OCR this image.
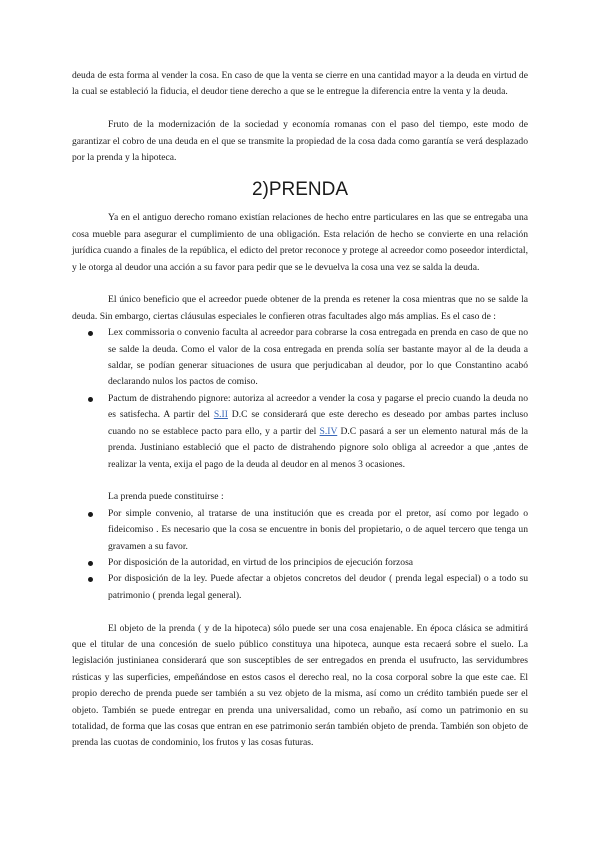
deuda de esta forma al vender la cosa. En caso de que la venta se cierre en una cantidad mayor a la deuda en virtud de la cual se estableció la fiducia, el deudor tiene derecho a que se le entregue la diferencia entre la venta y la deuda.

Fruto de la modernización de la sociedad y economía romanas con el paso del tiempo, este modo de garantizar el cobro de una deuda en el que se transmite la propiedad de la cosa dada como garantía se verá desplazado por la prenda y la hipoteca.

2)PRENDA

Ya en el antiguo derecho romano existían relaciones de hecho entre particulares en las que se entregaba una cosa mueble para asegurar el cumplimiento de una obligación. Esta relación de hecho se convierte en una relación jurídica cuando a finales de la república, el edicto del pretor reconoce y protege al acreedor como poseedor interdictal, y le otorga al deudor una acción a su favor para pedir que se le devuelva la cosa una vez se salda la deuda.

El único beneficio que el acreedor puede obtener de la prenda es retener la cosa mientras que no se salde la deuda. Sin embargo, ciertas cláusulas especiales le confieren otras facultades algo más amplias. Es el caso de :

Lex commissoria o convenio faculta al acreedor para cobrarse la cosa entregada en prenda en caso de que no se salde la deuda. Como el valor de la cosa entregada en prenda solía ser bastante mayor al de la deuda a saldar, se podían generar situaciones de usura que perjudicaban al deudor, por lo que Constantino acabó declarando nulos los pactos de comiso.
Pactum de distrahendo pignore: autoriza al acreedor a vender la cosa y pagarse el precio cuando la deuda no es satisfecha. A partir del S.II D.C se considerará que este derecho es deseado por ambas partes incluso cuando no se establece pacto para ello, y a partir del S.IV D.C pasará a ser un elemento natural más de la prenda. Justiniano estableció que el pacto de distrahendo pignore solo obliga al acreedor a que ,antes de realizar la venta, exija el pago de la deuda al deudor en al menos 3 ocasiones.

La prenda puede constituirse :

Por simple convenio, al tratarse de una institución que es creada por el pretor, así como por legado o fideicomiso . Es necesario que la cosa se encuentre in bonis del propietario, o de aquel tercero que tenga un gravamen a su favor.
Por disposición de la autoridad, en virtud de los principios de ejecución forzosa
Por disposición de la ley. Puede afectar a objetos concretos del deudor ( prenda legal especial) o a todo su patrimonio ( prenda legal general).

El objeto de la prenda ( y de la hipoteca) sólo puede ser una cosa enajenable. En época clásica se admitirá que el titular de una concesión de suelo público constituya una hipoteca, aunque esta recaerá sobre el suelo. La legislación justinianea considerará que son susceptibles de ser entregados en prenda el usufructo, las servidumbres rústicas y las superficies, empeñándose en estos casos el derecho real, no la cosa corporal sobre la que este cae. El propio derecho de prenda puede ser también a su vez objeto de la misma, así como un crédito también puede ser el objeto. También se puede entregar en prenda una universalidad, como un rebaño, así como un patrimonio en su totalidad, de forma que las cosas que entran en ese patrimonio serán también objeto de prenda. También son objeto de prenda las cuotas de condominio, los frutos y las cosas futuras.
